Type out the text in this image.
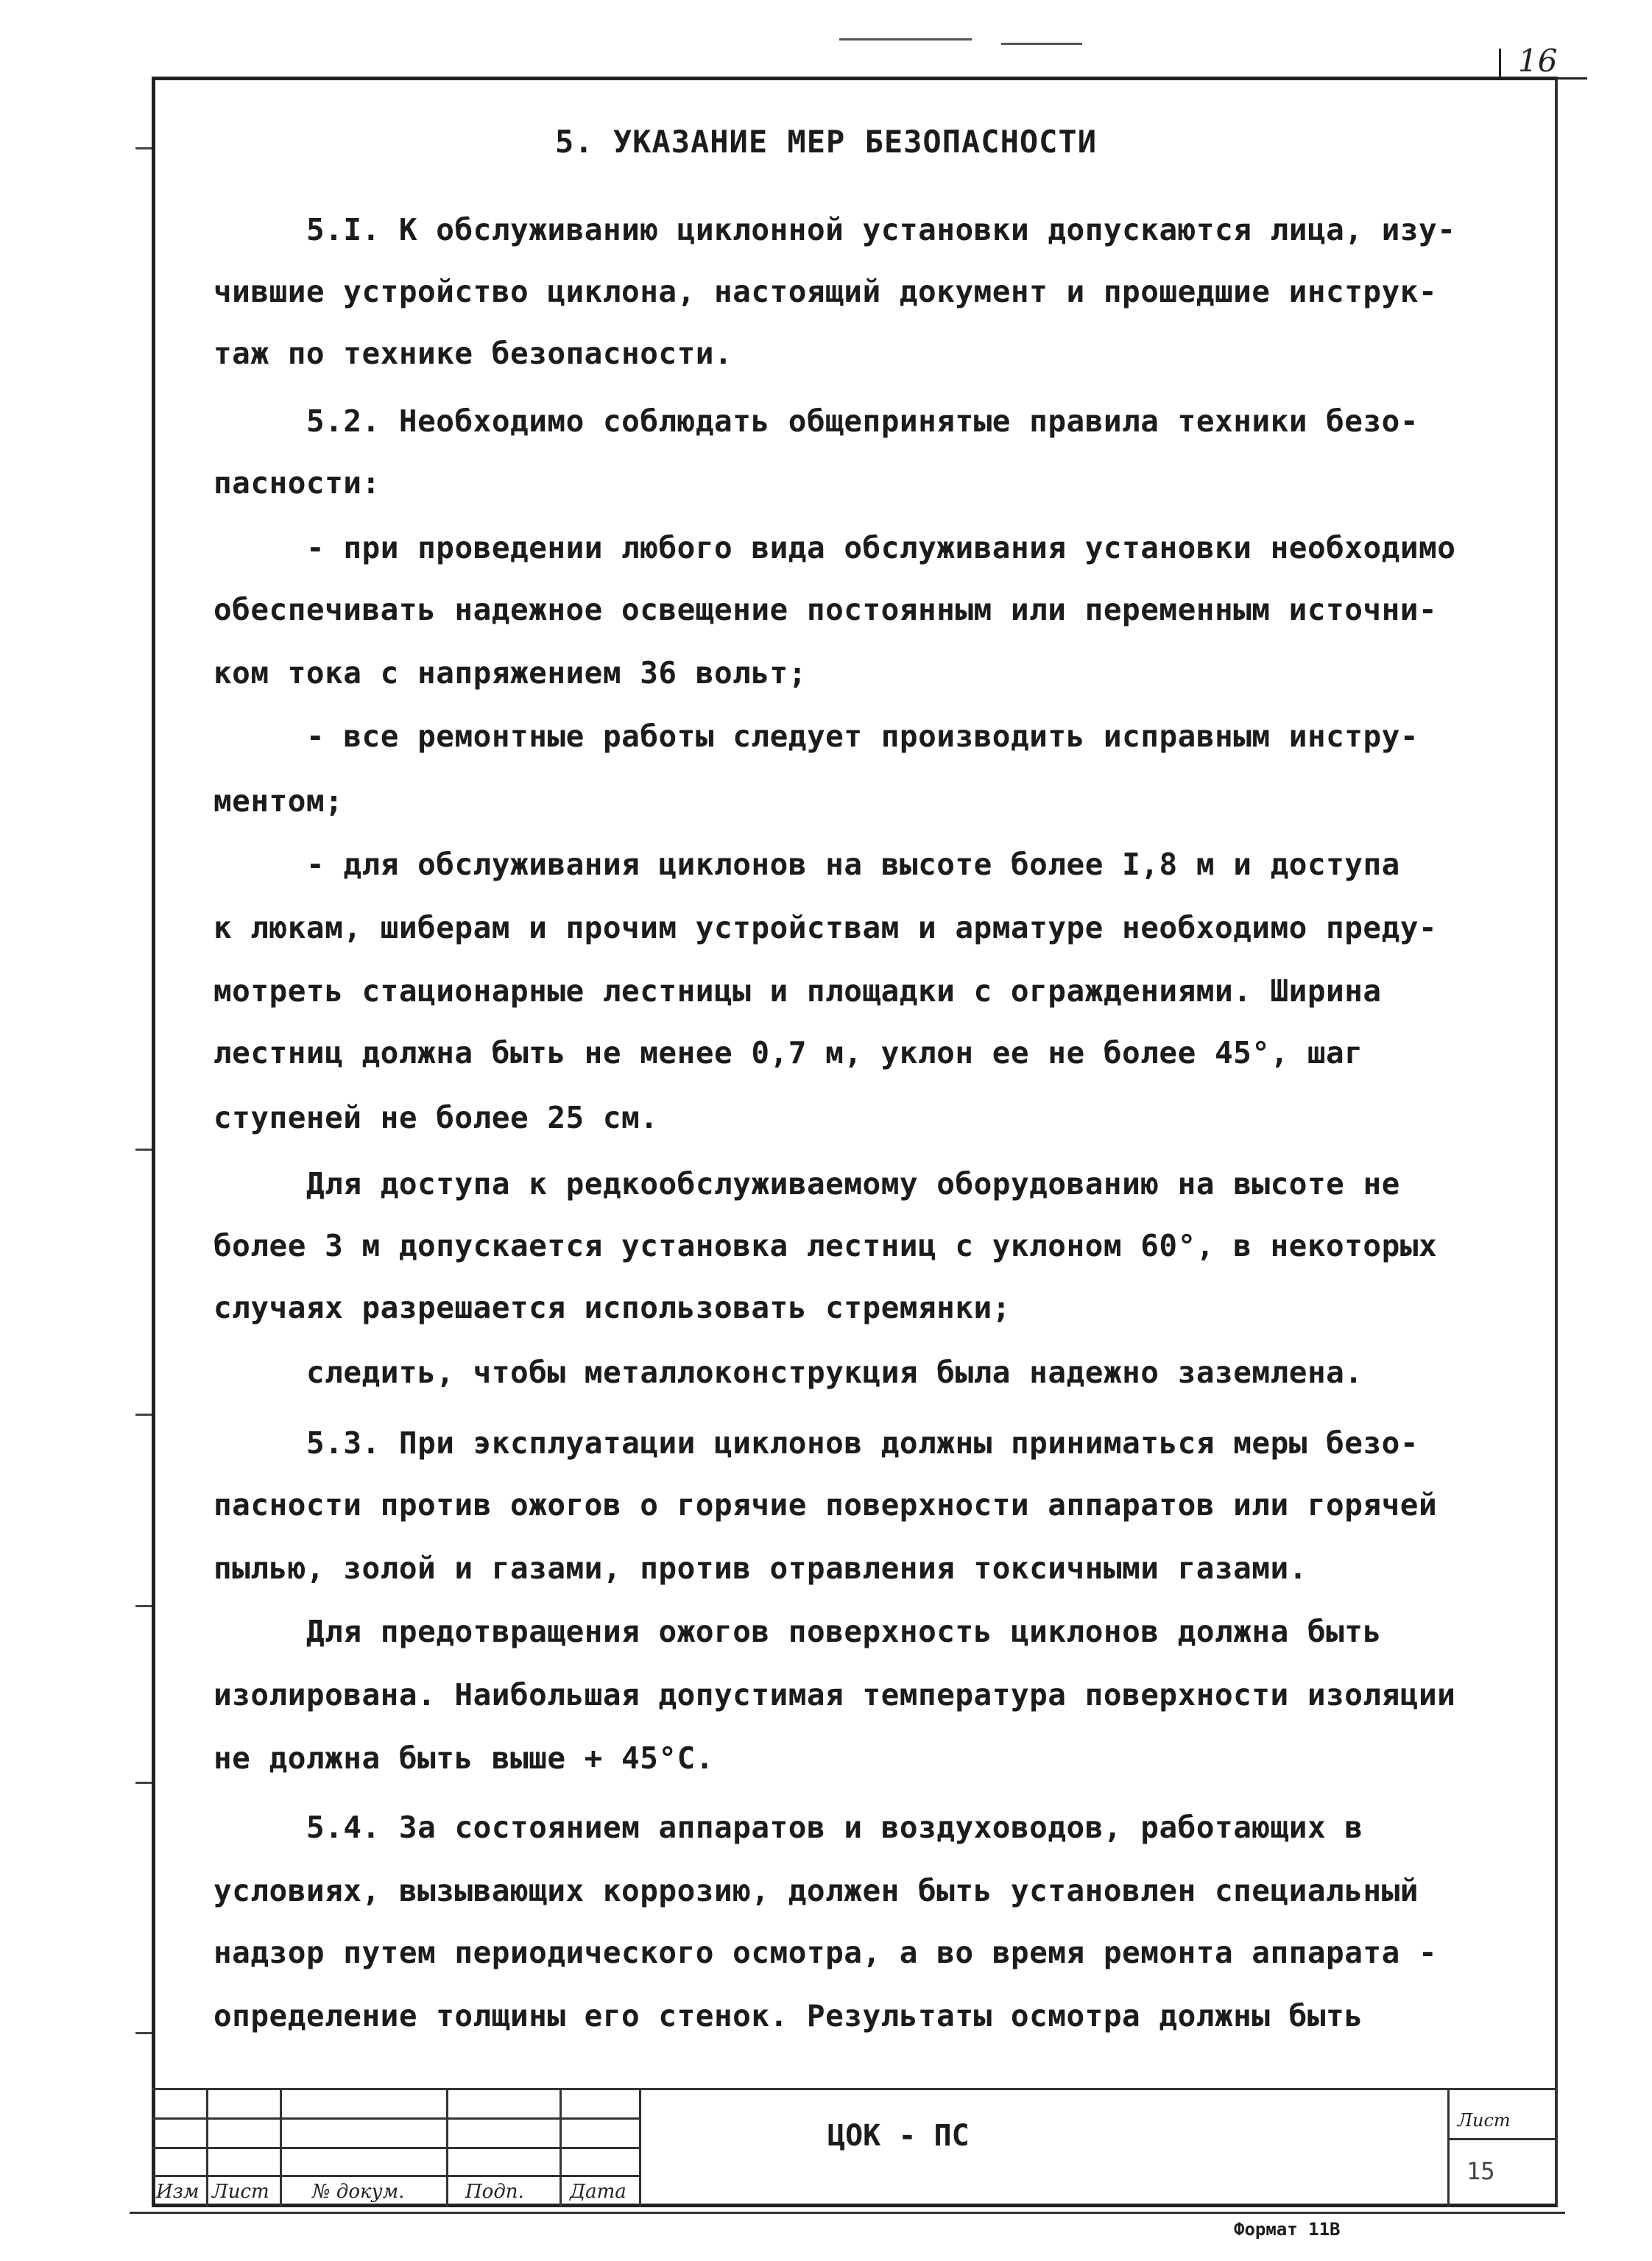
16
5. УКАЗАНИЕ МЕР БЕЗОПАСНОСТИ
5.I. К обслуживанию циклонной установки допускаются лица, изу-
чившие устройство циклона, настоящий документ и прошедшие инструк-
таж по технике безопасности.
5.2. Необходимо соблюдать общепринятые правила техники безо-
пасности:
- при проведении любого вида обслуживания установки необходимо
обеспечивать надежное освещение постоянным или переменным источни-
ком тока с напряжением 36 вольт;
- все ремонтные работы следует производить исправным инстру-
ментом;
- для обслуживания циклонов на высоте более I,8 м и доступа
к люкам, шиберам и прочим устройствам и арматуре необходимо преду-
мотреть стационарные лестницы и площадки с ограждениями. Ширина
лестниц должна быть не менее 0,7 м, уклон ее не более 45°, шаг
ступеней не более 25 см.
Для доступа к редкообслуживаемому оборудованию на высоте не
более 3 м допускается установка лестниц с уклоном 60°, в некоторых
случаях разрешается использовать стремянки;
следить, чтобы металлоконструкция была надежно заземлена.
5.3. При эксплуатации циклонов должны приниматься меры безо-
пасности против ожогов о горячие поверхности аппаратов или горячей
пылью, золой и газами, против отравления токсичными газами.
Для предотвращения ожогов поверхность циклонов должна быть
изолирована. Наибольшая допустимая температура поверхности изоляции
не должна быть выше + 45°С.
5.4. За состоянием аппаратов и воздуховодов, работающих в
условиях, вызывающих коррозию, должен быть установлен специальный
надзор путем периодического осмотра, а во время ремонта аппарата -
определение толщины его стенок. Результаты осмотра должны быть
Изм Лист № докум.	Подп. Дата
ЦОК - ПС	Лист
15
Формат 11В
